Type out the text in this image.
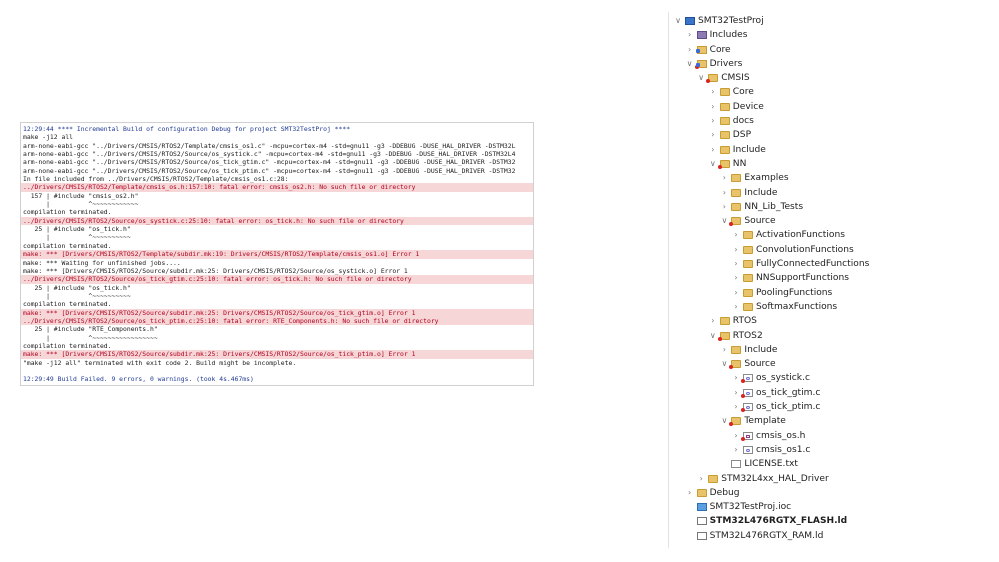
12:29:44 **** Incremental Build of configuration Debug for project SMT32TestProj ****
make -j12 all
arm-none-eabi-gcc "../Drivers/CMSIS/RTOS2/Template/cmsis_os1.c" -mcpu=cortex-m4 -std=gnu11 -g3 -DDEBUG -DUSE_HAL_DRIVER -DSTM32L
arm-none-eabi-gcc "../Drivers/CMSIS/RTOS2/Source/os_systick.c" -mcpu=cortex-m4 -std=gnu11 -g3 -DDEBUG -DUSE_HAL_DRIVER -DSTM32L4
arm-none-eabi-gcc "../Drivers/CMSIS/RTOS2/Source/os_tick_gtim.c" -mcpu=cortex-m4 -std=gnu11 -g3 -DDEBUG -DUSE_HAL_DRIVER -DSTM32
arm-none-eabi-gcc "../Drivers/CMSIS/RTOS2/Source/os_tick_ptim.c" -mcpu=cortex-m4 -std=gnu11 -g3 -DDEBUG -DUSE_HAL_DRIVER -DSTM32
In file included from ../Drivers/CMSIS/RTOS2/Template/cmsis_os1.c:28:
../Drivers/CMSIS/RTOS2/Template/cmsis_os.h:157:10: fatal error: cmsis_os2.h: No such file or directory
157 | #include "cmsis_os2.h"
|          ^~~~~~~~~~~~~
compilation terminated.
../Drivers/CMSIS/RTOS2/Source/os_systick.c:25:10: fatal error: os_tick.h: No such file or directory
25 | #include "os_tick.h"
|          ^~~~~~~~~~~
compilation terminated.
make: *** [Drivers/CMSIS/RTOS2/Template/subdir.mk:19: Drivers/CMSIS/RTOS2/Template/cmsis_os1.o] Error 1
make: *** Waiting for unfinished jobs....
make: *** [Drivers/CMSIS/RTOS2/Source/subdir.mk:25: Drivers/CMSIS/RTOS2/Source/os_systick.o] Error 1
../Drivers/CMSIS/RTOS2/Source/os_tick_gtim.c:25:10: fatal error: os_tick.h: No such file or directory
25 | #include "os_tick.h"
|          ^~~~~~~~~~~
compilation terminated.
make: *** [Drivers/CMSIS/RTOS2/Source/subdir.mk:25: Drivers/CMSIS/RTOS2/Source/os_tick_gtim.o] Error 1
../Drivers/CMSIS/RTOS2/Source/os_tick_ptim.c:25:10: fatal error: RTE_Components.h: No such file or directory
25 | #include "RTE_Components.h"
|          ^~~~~~~~~~~~~~~~~~
compilation terminated.
make: *** [Drivers/CMSIS/RTOS2/Source/subdir.mk:25: Drivers/CMSIS/RTOS2/Source/os_tick_ptim.o] Error 1
"make -j12 all" terminated with exit code 2. Build might be incomplete.
12:29:49 Build Failed. 9 errors, 0 warnings. (took 4s.467ms)
∨ SMT32TestProj
›	Includes
›	Core
∨ Drivers
∨ CMSIS
›	Core
›	Device
›	docs
›	DSP
›	Include
∨ NN
›	Examples
›	Include
›	NN_Lib_Tests
∨ Source
›	ActivationFunctions
›	ConvolutionFunctions
›	FullyConnectedFunctions
›	NNSupportFunctions
›	PoolingFunctions
›	SoftmaxFunctions
›	RTOS
∨ RTOS2
›	Include
∨ Source
›	os_systick.c
›	os_tick_gtim.c
›	os_tick_ptim.c
∨ Template
›	cmsis_os.h
›	cmsis_os1.c
LICENSE.txt
›	STM32L4xx_HAL_Driver
›	Debug
SMT32TestProj.ioc
STM32L476RGTX_FLASH.ld
STM32L476RGTX_RAM.ld
